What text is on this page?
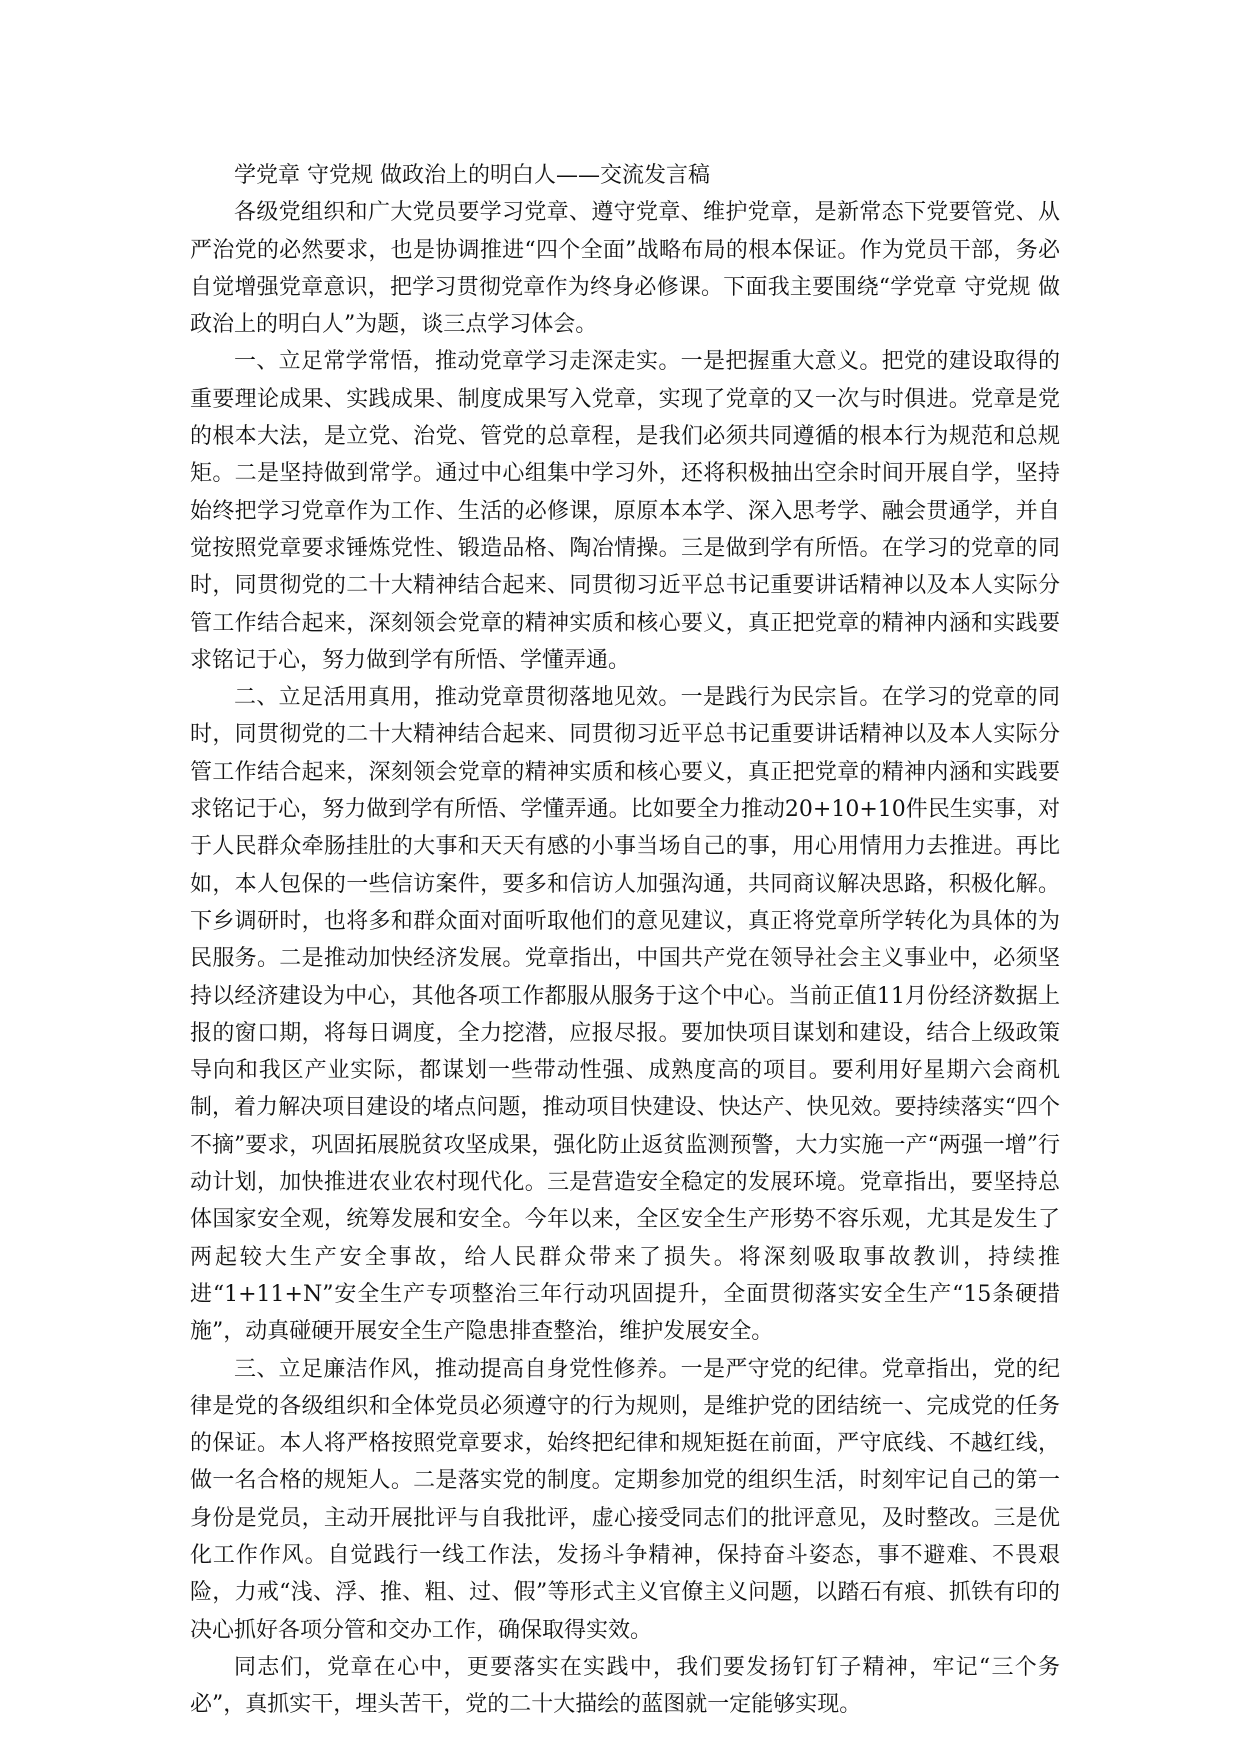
学党章 守党规 做政治上的明白人——交流发言稿

各级党组织和广大党员要学习党章、遵守党章、维护党章，是新常态下党要管党、从严治党的必然要求，也是协调推进“四个全面”战略布局的根本保证。作为党员干部，务必自觉增强党章意识，把学习贯彻党章作为终身必修课。下面我主要围绕“学党章 守党规 做政治上的明白人”为题，谈三点学习体会。

一、立足常学常悟，推动党章学习走深走实。一是把握重大意义。把党的建设取得的重要理论成果、实践成果、制度成果写入党章，实现了党章的又一次与时俱进。党章是党的根本大法，是立党、治党、管党的总章程，是我们必须共同遵循的根本行为规范和总规矩。二是坚持做到常学。通过中心组集中学习外，还将积极抽出空余时间开展自学，坚持始终把学习党章作为工作、生活的必修课，原原本本学、深入思考学、融会贯通学，并自觉按照党章要求锤炼党性、锻造品格、陶冶情操。三是做到学有所悟。在学习的党章的同时，同贯彻党的二十大精神结合起来、同贯彻习近平总书记重要讲话精神以及本人实际分管工作结合起来，深刻领会党章的精神实质和核心要义，真正把党章的精神内涵和实践要求铭记于心，努力做到学有所悟、学懂弄通。

二、立足活用真用，推动党章贯彻落地见效。一是践行为民宗旨。在学习的党章的同时，同贯彻党的二十大精神结合起来、同贯彻习近平总书记重要讲话精神以及本人实际分管工作结合起来，深刻领会党章的精神实质和核心要义，真正把党章的精神内涵和实践要求铭记于心，努力做到学有所悟、学懂弄通。比如要全力推动20+10+10件民生实事，对于人民群众牵肠挂肚的大事和天天有感的小事当场自己的事，用心用情用力去推进。再比如，本人包保的一些信访案件，要多和信访人加强沟通，共同商议解决思路，积极化解。下乡调研时，也将多和群众面对面听取他们的意见建议，真正将党章所学转化为具体的为民服务。二是推动加快经济发展。党章指出，中国共产党在领导社会主义事业中，必须坚持以经济建设为中心，其他各项工作都服从服务于这个中心。当前正值11月份经济数据上报的窗口期，将每日调度，全力挖潜，应报尽报。要加快项目谋划和建设，结合上级政策导向和我区产业实际，都谋划一些带动性强、成熟度高的项目。要利用好星期六会商机制，着力解决项目建设的堵点问题，推动项目快建设、快达产、快见效。要持续落实“四个不摘”要求，巩固拓展脱贫攻坚成果，强化防止返贫监测预警，大力实施一产“两强一增”行动计划，加快推进农业农村现代化。三是营造安全稳定的发展环境。党章指出，要坚持总体国家安全观，统筹发展和安全。今年以来，全区安全生产形势不容乐观，尤其是发生了两起较大生产安全事故，给人民群众带来了损失。将深刻吸取事故教训，持续推进“1+11+N”安全生产专项整治三年行动巩固提升，全面贯彻落实安全生产“15条硬措施”，动真碰硬开展安全生产隐患排查整治，维护发展安全。

三、立足廉洁作风，推动提高自身党性修养。一是严守党的纪律。党章指出，党的纪律是党的各级组织和全体党员必须遵守的行为规则，是维护党的团结统一、完成党的任务的保证。本人将严格按照党章要求，始终把纪律和规矩挺在前面，严守底线、不越红线，做一名合格的规矩人。二是落实党的制度。定期参加党的组织生活，时刻牢记自己的第一身份是党员，主动开展批评与自我批评，虚心接受同志们的批评意见，及时整改。三是优化工作作风。自觉践行一线工作法，发扬斗争精神，保持奋斗姿态，事不避难、不畏艰险，力戒“浅、浮、推、粗、过、假”等形式主义官僚主义问题，以踏石有痕、抓铁有印的决心抓好各项分管和交办工作，确保取得实效。

同志们，党章在心中，更要落实在实践中，我们要发扬钉钉子精神，牢记“三个务必”，真抓实干，埋头苦干，党的二十大描绘的蓝图就一定能够实现。
